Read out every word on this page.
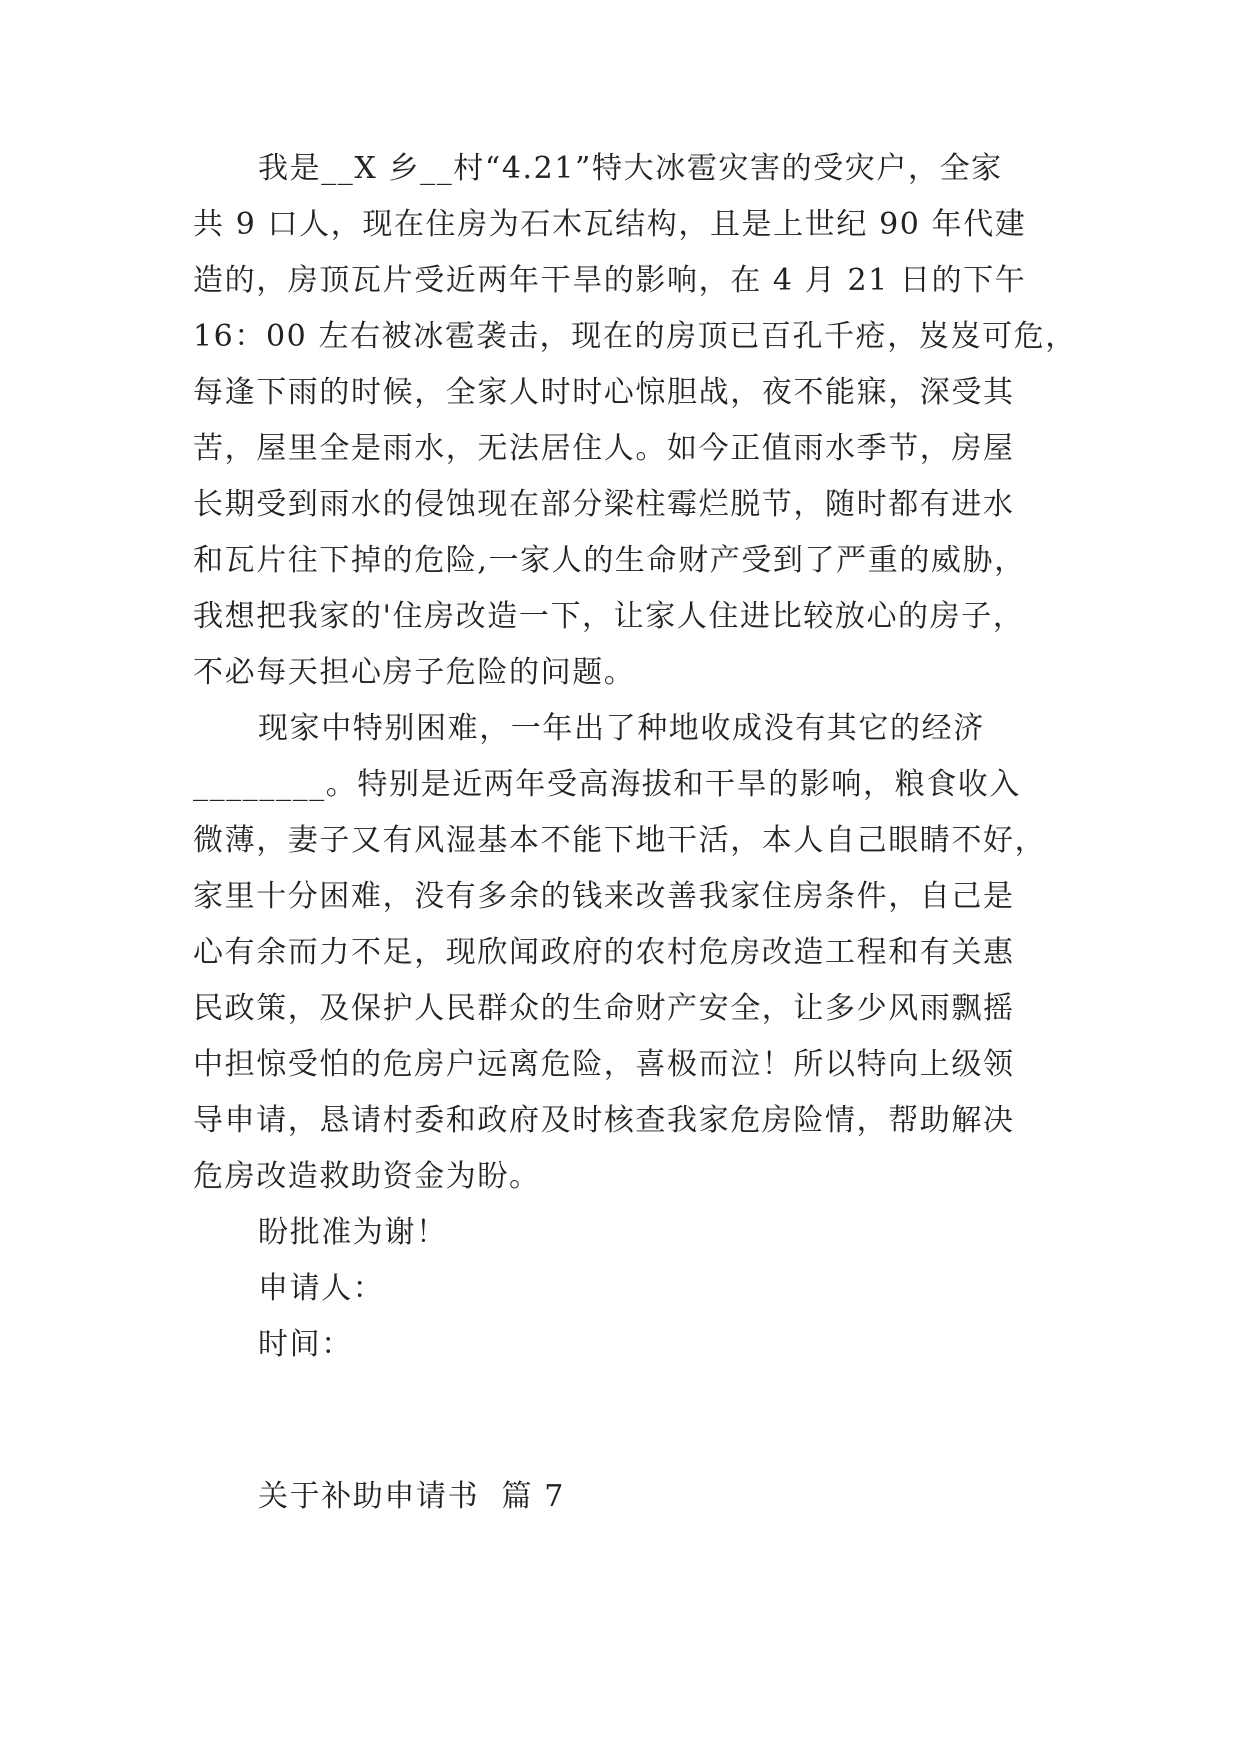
我是__X 乡__村“4.21”特大冰雹灾害的受灾户，全家
共 9 口人，现在住房为石木瓦结构，且是上世纪 90 年代建
造的，房顶瓦片受近两年干旱的影响，在 4 月 21 日的下午
16：00 左右被冰雹袭击，现在的房顶已百孔千疮，岌岌可危，
每逢下雨的时候，全家人时时心惊胆战，夜不能寐，深受其
苦，屋里全是雨水，无法居住人。如今正值雨水季节，房屋
长期受到雨水的侵蚀现在部分梁柱霉烂脱节，随时都有进水
和瓦片往下掉的危险,一家人的生命财产受到了严重的威胁，
我想把我家的'住房改造一下，让家人住进比较放心的房子，
不必每天担心房子危险的问题。
现家中特别困难，一年出了种地收成没有其它的经济
________。特别是近两年受高海拔和干旱的影响，粮食收入
微薄，妻子又有风湿基本不能下地干活，本人自己眼睛不好，
家里十分困难，没有多余的钱来改善我家住房条件，自己是
心有余而力不足，现欣闻政府的农村危房改造工程和有关惠
民政策，及保护人民群众的生命财产安全，让多少风雨飘摇
中担惊受怕的危房户远离危险，喜极而泣！所以特向上级领
导申请，恳请村委和政府及时核查我家危房险情，帮助解决
危房改造救助资金为盼。
盼批准为谢！
申请人：
时间：
关于补助申请书  篇 7
